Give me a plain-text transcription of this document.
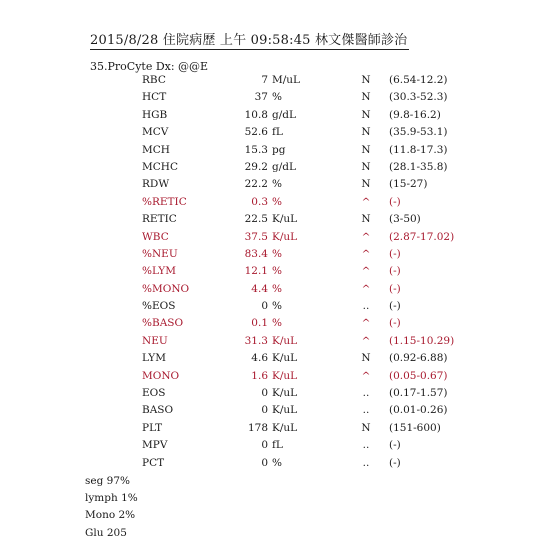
2015/8/28 住院病歷 上午 09:58:45 林文傑醫師診治
35.ProCyte Dx: @@E
RBC	7 M/uL	N	(6.54-12.2)
HCT	37 %	N	(30.3-52.3)
HGB	10.8 g/dL	N	(9.8-16.2)
MCV	52.6 fL	N	(35.9-53.1)
MCH	15.3 pg	N	(11.8-17.3)
MCHC	29.2 g/dL	N	(28.1-35.8)
RDW	22.2 %	N	(15-27)
%RETIC	0.3 %	^	(-)
RETIC	22.5 K/uL	N	(3-50)
WBC	37.5 K/uL	^	(2.87-17.02)
%NEU	83.4 %	^	(-)
%LYM	12.1 %	^	(-)
%MONO	4.4 %	^	(-)
%EOS	0 %	..	(-)
%BASO	0.1 %	^	(-)
NEU	31.3 K/uL	^	(1.15-10.29)
LYM	4.6 K/uL	N	(0.92-6.88)
MONO	1.6 K/uL	^	(0.05-0.67)
EOS	0 K/uL	..	(0.17-1.57)
BASO	0 K/uL	..	(0.01-0.26)
PLT	178 K/uL	N	(151-600)
MPV	0 fL	..	(-)
PCT	0 %	..	(-)
seg 97%
lymph 1%
Mono 2%
Glu 205
